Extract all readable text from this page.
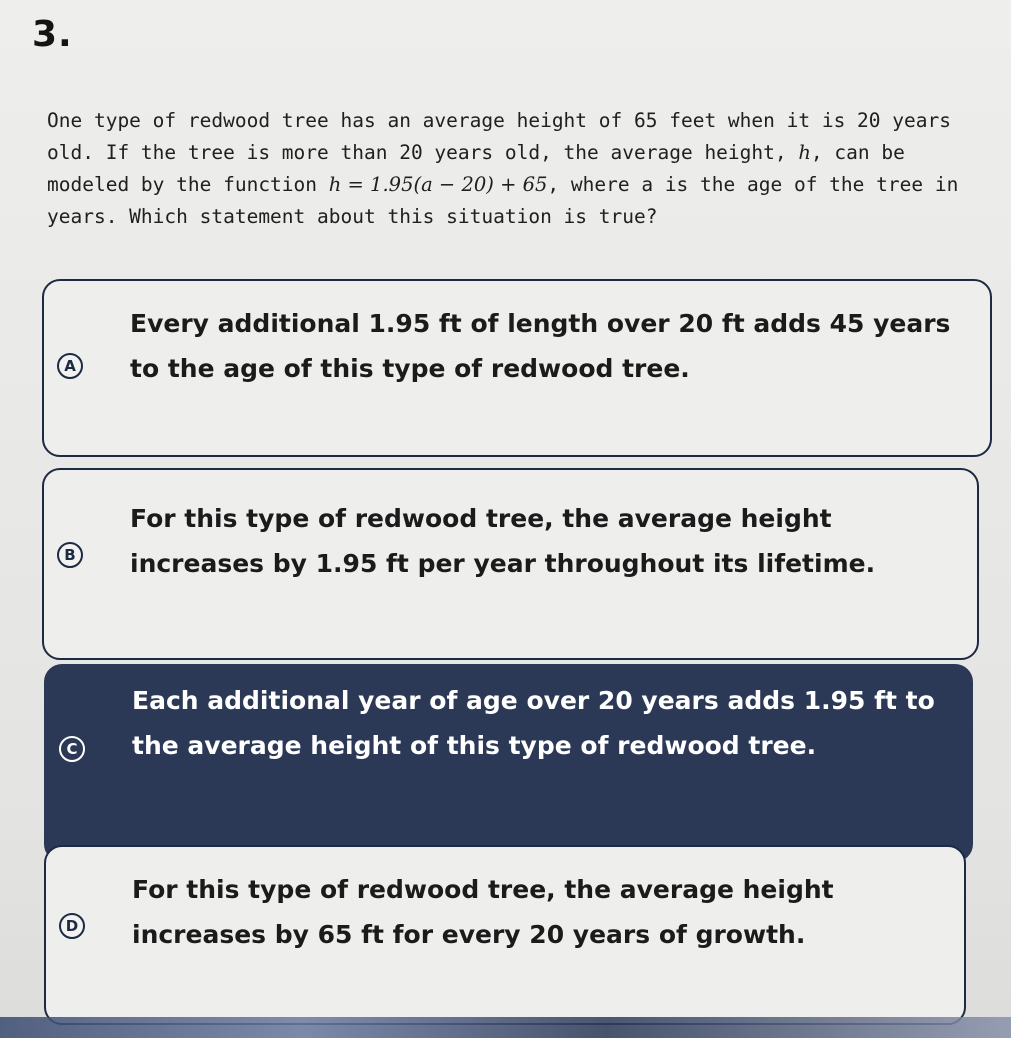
3.
One type of redwood tree has an average height of 65 feet when it is 20 years old. If the tree is more than 20 years old, the average height, h, can be modeled by the function h = 1.95(a − 20) + 65, where a is the age of the tree in years. Which statement about this situation is true?
A
Every additional 1.95 ft of length over 20 ft adds 45 years to the age of this type of redwood tree.
B
For this type of redwood tree, the average height increases by 1.95 ft per year throughout its lifetime.
C
Each additional year of age over 20 years adds 1.95 ft to the average height of this type of redwood tree.
D
For this type of redwood tree, the average height increases by 65 ft for every 20 years of growth.
